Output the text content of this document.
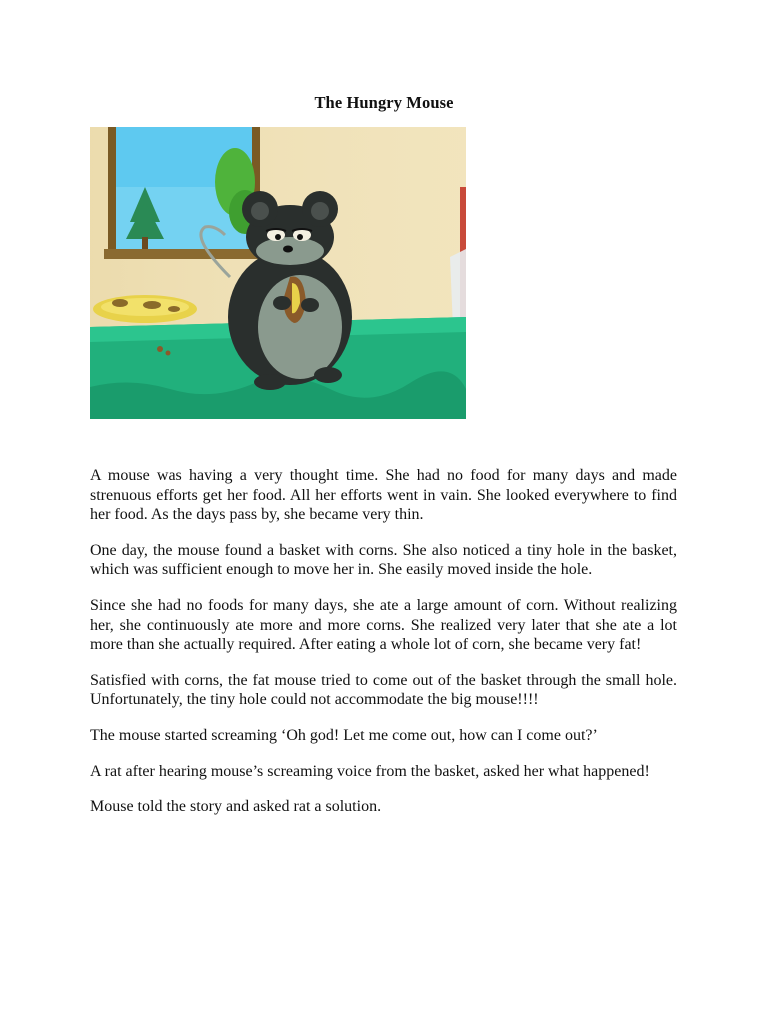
The Hungry Mouse

A mouse was having a very thought time. She had no food for many days and made strenuous efforts get her food. All her efforts went in vain. She looked everywhere to find her food. As the days pass by, she became very thin.

One day, the mouse found a basket with corns. She also noticed a tiny hole in the basket, which was sufficient enough to move her in. She easily moved inside the hole.

Since she had no foods for many days, she ate a large amount of corn. Without realizing her, she continuously ate more and more corns. She realized very later that she ate a lot more than she actually required. After eating a whole lot of corn, she became very fat!

Satisfied with corns, the fat mouse tried to come out of the basket through the small hole. Unfortunately, the tiny hole could not accommodate the big mouse!!!!

The mouse started screaming ‘Oh god! Let me come out, how can I come out?’

A rat after hearing mouse’s screaming voice from the basket, asked her what happened!

Mouse told the story and asked rat a solution.
